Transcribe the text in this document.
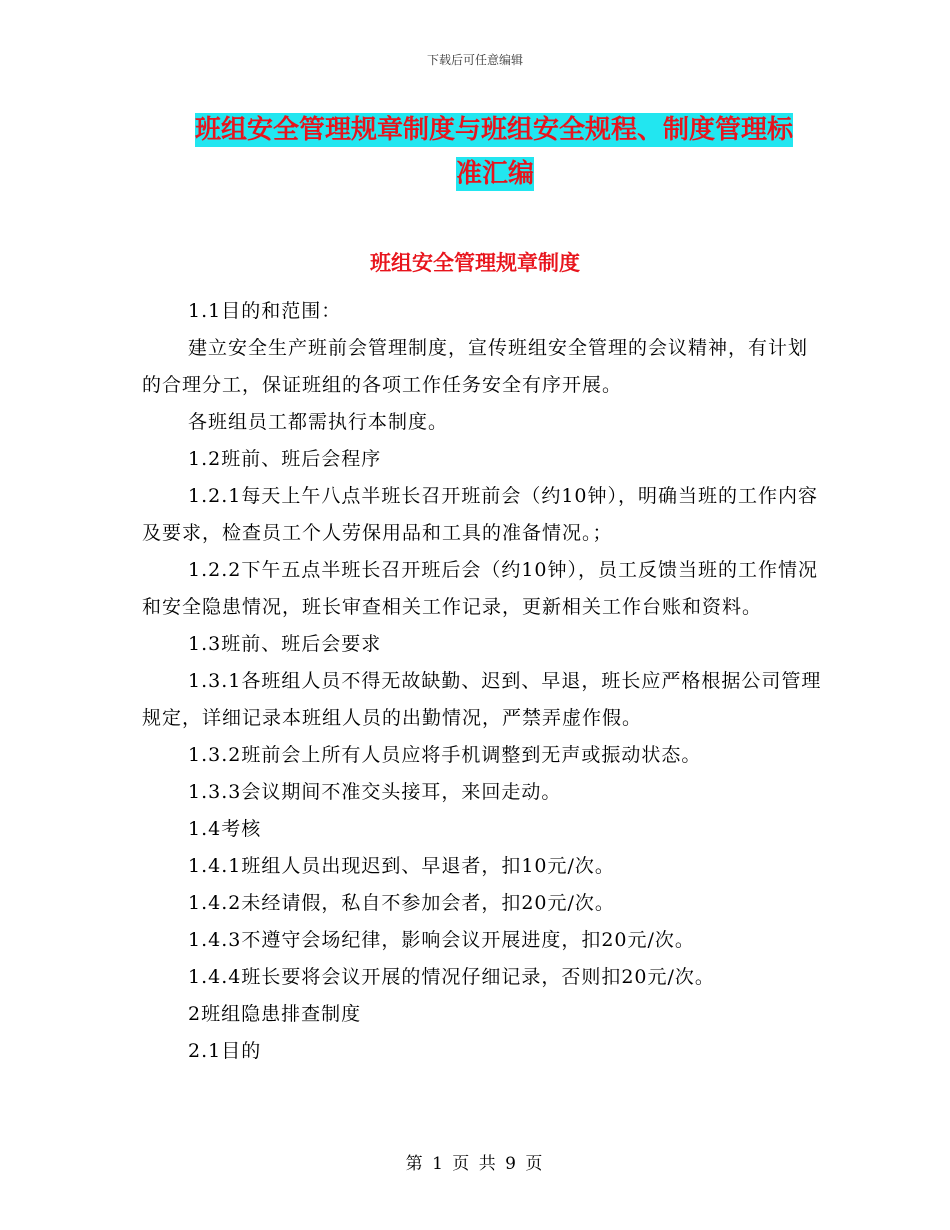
下载后可任意编辑
班组安全管理规章制度与班组安全规程、制度管理标
准汇编
班组安全管理规章制度

1.1目的和范围：

建立安全生产班前会管理制度，宣传班组安全管理的会议精神，有计划的合理分工，保证班组的各项工作任务安全有序开展。

各班组员工都需执行本制度。

1.2班前、班后会程序

1.2.1每天上午八点半班长召开班前会（约10钟），明确当班的工作内容及要求，检查员工个人劳保用品和工具的准备情况。；

1.2.2下午五点半班长召开班后会（约10钟），员工反馈当班的工作情况和安全隐患情况，班长审查相关工作记录，更新相关工作台账和资料。

1.3班前、班后会要求

1.3.1各班组人员不得无故缺勤、迟到、早退，班长应严格根据公司管理规定，详细记录本班组人员的出勤情况，严禁弄虚作假。

1.3.2班前会上所有人员应将手机调整到无声或振动状态。

1.3.3会议期间不准交头接耳，来回走动。

1.4考核

1.4.1班组人员出现迟到、早退者，扣10元/次。

1.4.2未经请假，私自不参加会者，扣20元/次。

1.4.3不遵守会场纪律，影响会议开展进度，扣20元/次。

1.4.4班长要将会议开展的情况仔细记录，否则扣20元/次。

2班组隐患排查制度

2.1目的

第 1 页 共 9 页
